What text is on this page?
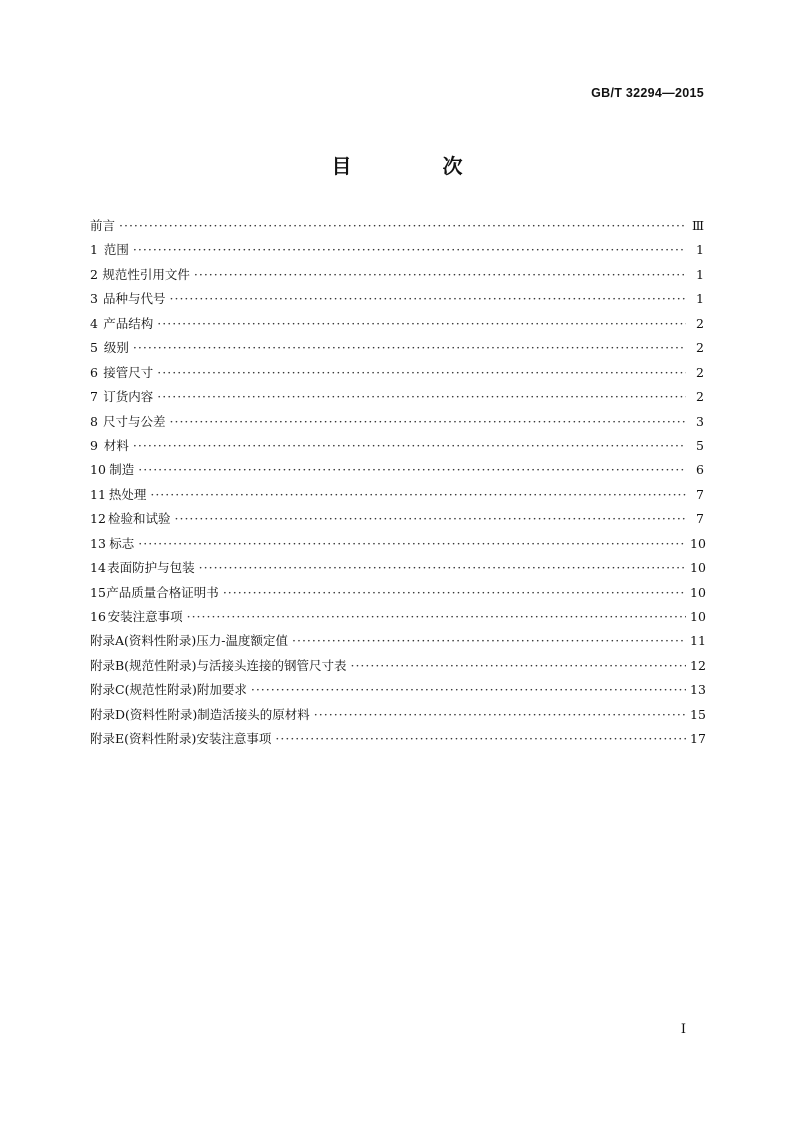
GB/T 32294—2015
目 次
前言 ·····	Ⅲ
1 范围 ·····	1
2 规范性引用文件 ·····	1
3 品种与代号 ·····	1
4 产品结构 ·····	2
5 级别 ·····	2
6 接管尺寸 ·····	2
7 订货内容 ·····	2
8 尺寸与公差 ·····	3
9 材料 ·····	5
10 制造 ·····	6
11 热处理 ·····	7
12 检验和试验 ·····	7
13 标志 ·····	10
14 表面防护与包装 ·····	10
15 产品质量合格证明书 ·····	10
16 安装注意事项 ·····	10
附录A(资料性附录) 压力-温度额定值 ·····	11
附录B(规范性附录) 与活接头连接的钢管尺寸表 ·····	12
附录C(规范性附录) 附加要求 ·····	13
附录D(资料性附录) 制造活接头的原材料 ·····	15
附录E(资料性附录) 安装注意事项 ·····	17
Ⅰ
